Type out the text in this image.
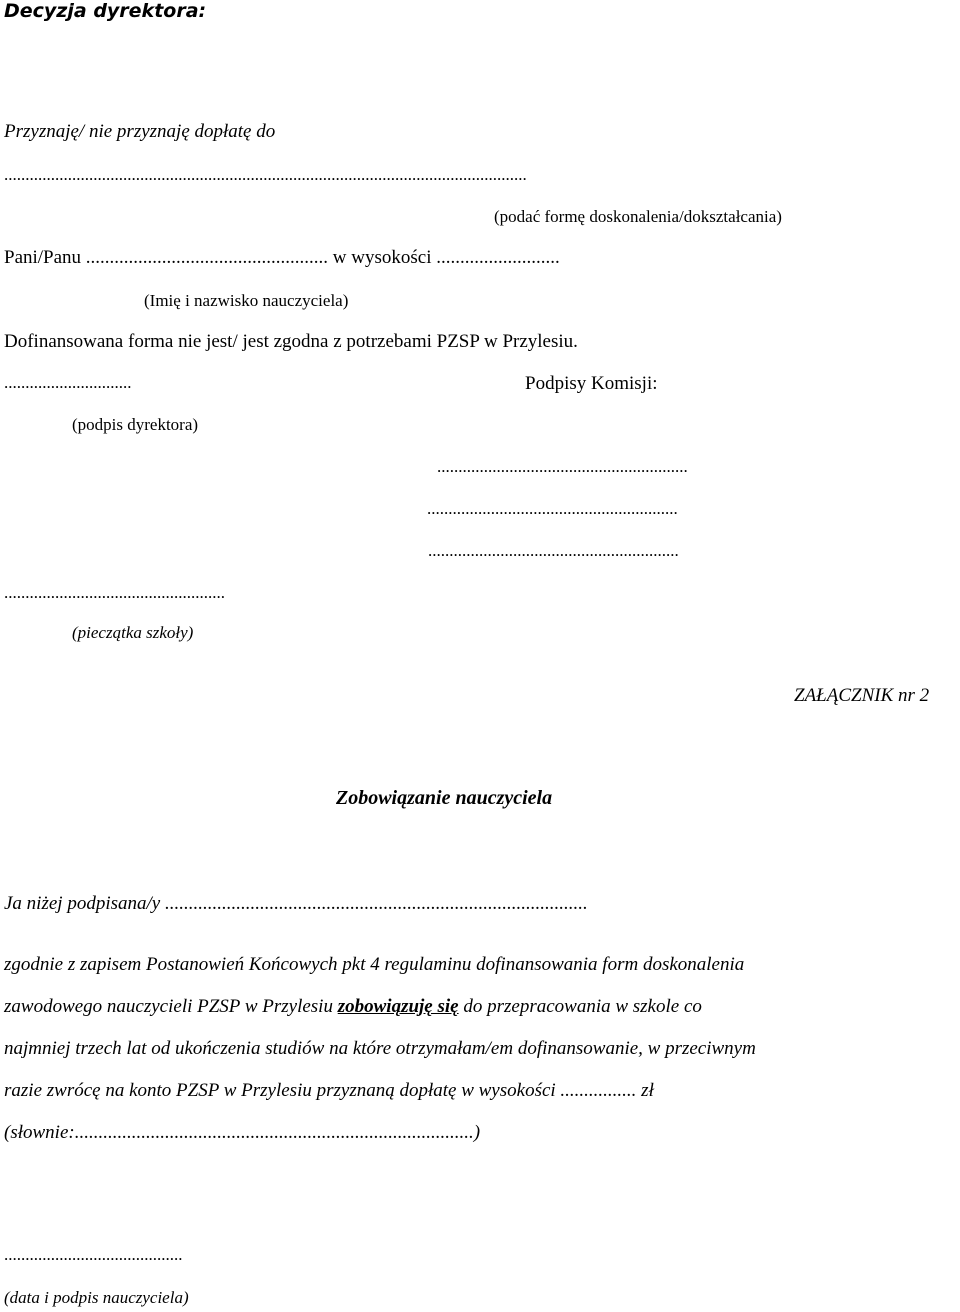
Decyzja dyrektora:
Przyznaję/ nie przyznaję dopłatę do
...........................................................................................................................
(podać formę doskonalenia/dokształcania)
Pani/Panu ................................................... w wysokości ..........................
(Imię i nazwisko nauczyciela)
Dofinansowana forma nie jest/ jest zgodna z potrzebami PZSP w Przylesiu.
..............................	Podpisy Komisji:
(podpis dyrektora)
...........................................................
...........................................................
...........................................................
....................................................
(pieczątka szkoły)
ZAŁĄCZNIK nr 2
Zobowiązanie nauczyciela
Ja niżej podpisana/y .........................................................................................
zgodnie z zapisem Postanowień Końcowych pkt 4 regulaminu dofinansowania form doskonalenia
zawodowego nauczycieli PZSP w Przylesiu zobowiązuję się do przepracowania w szkole co
najmniej trzech lat od ukończenia studiów na które otrzymałam/em dofinansowanie, w przeciwnym
razie zwrócę na konto PZSP w Przylesiu przyznaną dopłatę w wysokości ................ zł
(słownie:....................................................................................)
..........................................
(data i podpis nauczyciela)
